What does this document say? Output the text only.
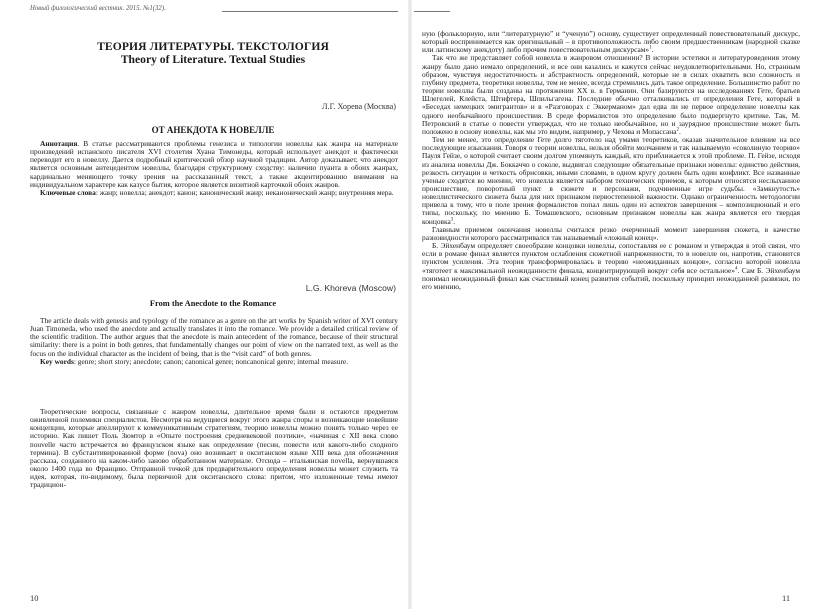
Новый филологический вестник. 2015. №1(32).
ТЕОРИЯ ЛИТЕРАТУРЫ. ТЕКСТОЛОГИЯ
Theory of Literature. Textual Studies
Л.Г. Хорева (Москва)
ОТ АНЕКДОТА К НОВЕЛЛЕ

Аннотация. В статье рассматриваются проблемы генезиса и типологии новеллы как жанра на материале произведений испанского писателя XVI столетия Хуана Тимонеды, который использует анекдот и фактически переводит его в новеллу. Дается подробный критический обзор научной традиции. Автор доказывает, что анекдот является основным антецедентом новеллы, благодаря структурному сходству: наличию пуанта в обоих жанрах, кардинально меняющего точку зрения на рассказанный текст, а также акцентированию внимания на индивидуальном характере как казусе бытия, которое является визитной карточкой обоих жанров.

Ключевые слова: жанр; новелла; анекдот; канон; канонический жанр; неканонический жанр; внутренняя мера.

L.G. Khoreva (Moscow)
From the Anecdote to the Romance

The article deals with genesis and typology of the romance as a genre on the art works by Spanish writer of XVI century Juan Timoneda, who used the anecdote and actually translates it into the romance. We provide a detailed critical review of the scientific tradition. The author argues that the anecdote is main antecedent of the romance, because of their structural similarity: there is a point in both genres, that fundamentally changes our point of view on the narrated text, as well as the focus on the individual character as the incident of being, that is the “visit card” of both genres.

Key words: genre; short story; anecdote; canon; canonical genre; noncanonical genre; internal measure.

Теоретические вопросы, связанные с жанром новеллы, длительное время были и остаются предметом оживленной полемики специалистов. Несмотря на ведущиеся вокруг этого жанра споры и возникающие новейшие концепции, которые апеллируют к коммуникативным стратегиям, теорию новеллы можно понять только через ее историю. Как пишет Поль Зюмтор в «Опыте построения средневековой поэтики», «начиная с XII века слово nouvelle часто встречается во французском языке как определение (песни, повести или какого-либо сходного термина). В субстантивированной форме (nova) оно возникает в окситанском языке XIII века для обозначения рассказа, созданного на каком-либо заново обработанном материале. Отсюда – итальянская novella, вернувшаяся около 1400 года во Францию. Отправной точкой для предварительного определения новеллы может служить та идея, которая, по-видимому, была первичной для окситанского слова: притом, что изложенные темы имеют традицион-

10

ную (фольклорную, или “литературную” и “ученую”) основу, существует определенный повествовательный дискурс, который воспринимается как оригинальный – в противоположность либо своим предшественникам (народной сказке или латинскому анекдоту) либо прочим повествовательным дискурсам»$^1$.

Так что же представляет собой новелла в жанровом отношении? В истории эстетики и литературоведения этому жанру было дано немало определений, и все они казались и кажутся сейчас неудовлетворительными. Но, странным образом, чувствуя недостаточность и абстрактность определений, которые не в силах охватить всю сложность и глубину предмета, теоретики новеллы, тем не менее, всегда стремились дать такое определение. Большинство работ по теории новеллы были созданы на протяжении XX в. в Германии. Они базируются на исследованиях Гете, братьев Шлегелей, Клейста, Штифтера, Шпильгагена. Последние обычно отталкивались от определения Гете, который в «Беседах немецких эмигрантов» и в «Разговорах с Эккерманом» дал едва ли не первое определение новеллы как одного необычайного происшествия. В среде формалистов это определение было подвергнуто критике. Так, М. Петровский в статье о повести утверждал, что не только необычайное, но и заурядное происшествие может быть положено в основу новеллы, как мы это видим, например, у Чехова и Мопассана$^2$.

Тем не менее, это определение Гете долго тяготело над умами теоретиков, оказав значительное влияние на все последующие изыскания. Говоря о теории новеллы, нельзя обойти молчанием и так называемую «соколиную теорию» Пауля Гейзе, о которой считает своим долгом упомянуть каждый, кто приближается к этой проблеме. П. Гейзе, исходя из анализа новеллы Дж. Боккаччо о соколе, выдвигал следующие обязательные признаки новеллы: единство действия, резкость ситуации и четкость обрисовки, иными словами, в одном кругу должен быть один конфликт. Все названные ученые сходятся во мнении, что новелла является набором технических приемов, к которым относятся неслыханное происшествие, поворотный пункт в сюжете и персонажи, подчиненные игре судьбы. «Замкнутость» новеллистического сюжета была для них признаком первостепенной важности. Однако ограниченность методологии привела к тому, что в поле зрения формалистов попал лишь один из аспектов завершения – композиционный и его типы, поскольку, по мнению Б. Томашевского, основным признаком новеллы как жанра является его твердая концовка$^3$.

Главным приемом окончания новеллы считался резко очерченный момент завершения сюжета, в качестве разновидности которого рассматривался так называемый «ложный конец».

Б. Эйхенбаум определяет своеобразие концовки новеллы, сопоставляя ее с романом и утверждая в этой связи, что если в романе финал является пунктом ослабления сюжетной напряженности, то в новелле он, напротив, становится пунктом усиления. Эта теория трансформировалась в теорию «неожиданных концов», согласно которой новелла «тяготеет к максимальной неожиданности финала, концентрирующей вокруг себя все остальное»$^4$. Сам Б. Эйхенбаум понимал неожиданный финал как счастливый конец развития событий, поскольку принцип неожиданной развязки, по его мнению,

11
